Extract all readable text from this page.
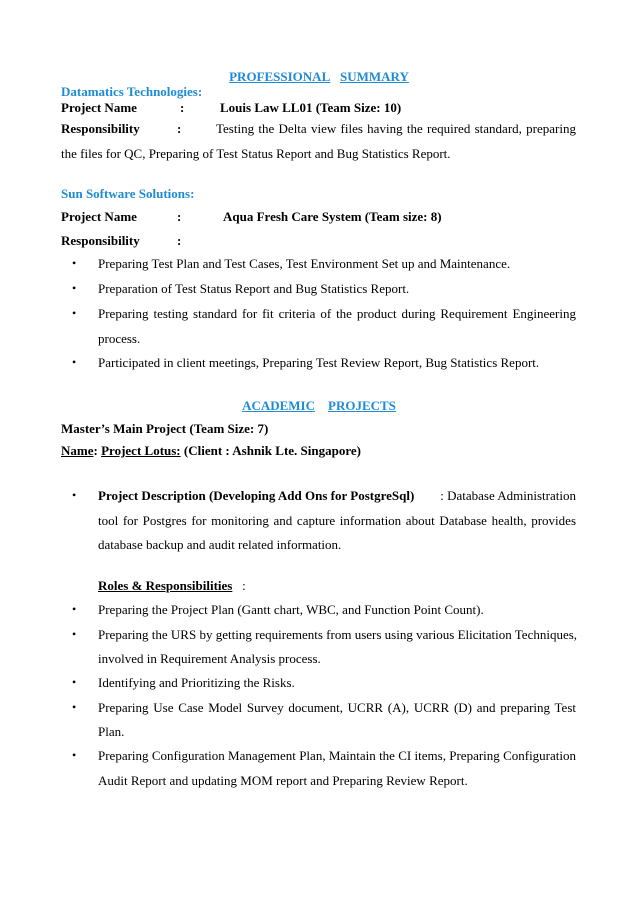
PROFESSIONAL SUMMARY
Datamatics Technologies:
Project Name	:	Louis Law LL01 (Team Size: 10)
Responsibility	:	Testing the Delta view files having the required standard, preparing
the files for QC, Preparing of Test Status Report and Bug Statistics Report.
Sun Software Solutions:
Project Name	:	Aqua Fresh Care System (Team size: 8)
Responsibility	:
• Preparing Test Plan and Test Cases, Test Environment Set up and Maintenance.
• Preparation of Test Status Report and Bug Statistics Report.
• Preparing testing standard for fit criteria of the product during Requirement Engineering
process.
• Participated in client meetings, Preparing Test Review Report, Bug Statistics Report.
ACADEMIC PROJECTS
Master’s Main Project (Team Size: 7)
Name: Project Lotus: (Client : Ashnik Lte. Singapore)
• Project Description (Developing Add Ons for PostgreSql) : Database Administration
tool for Postgres for monitoring and capture information about Database health, provides
database backup and audit related information.
Roles & Responsibilities :
• Preparing the Project Plan (Gantt chart, WBC, and Function Point Count).
• Preparing the URS by getting requirements from users using various Elicitation Techniques,
involved in Requirement Analysis process.
• Identifying and Prioritizing the Risks.
• Preparing Use Case Model Survey document, UCRR (A), UCRR (D) and preparing Test
Plan.
• Preparing Configuration Management Plan, Maintain the CI items, Preparing Configuration
Audit Report and updating MOM report and Preparing Review Report.
